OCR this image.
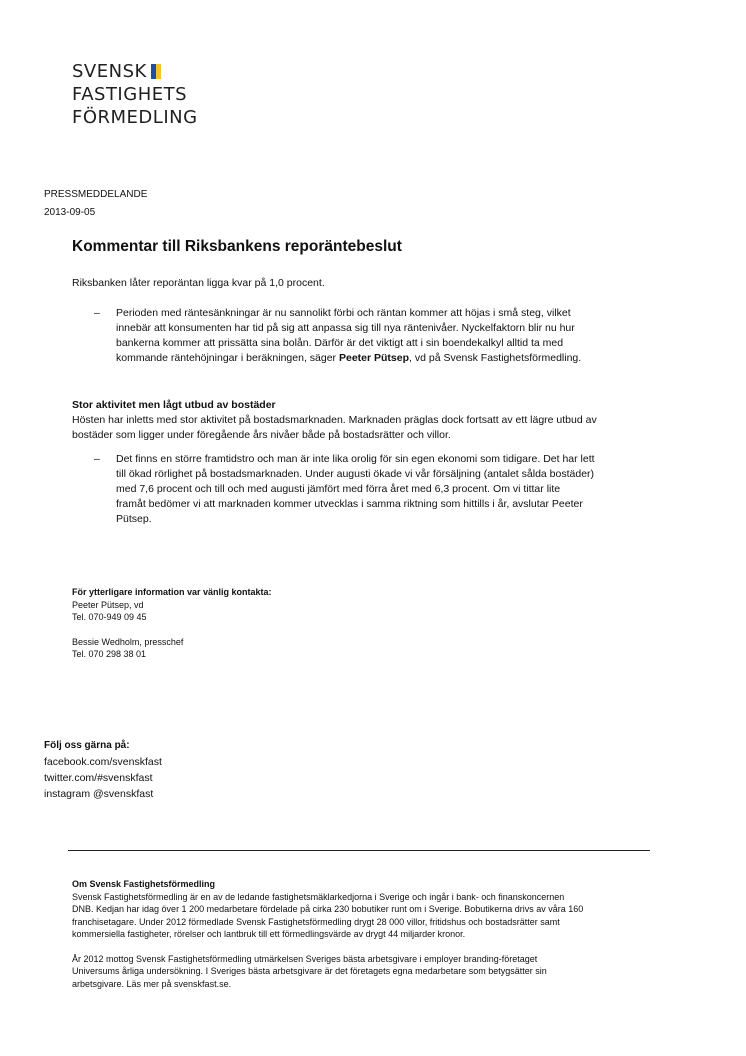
SVENSK
FASTIGHETS
FÖRMEDLING
PRESSMEDDELANDE
2013-09-05
Kommentar till Riksbankens reporäntebeslut
Riksbanken låter reporäntan ligga kvar på 1,0 procent.
– Perioden med räntesänkningar är nu sannolikt förbi och räntan kommer att höjas i små steg, vilket
innebär att konsumenten har tid på sig att anpassa sig till nya räntenivåer. Nyckelfaktorn blir nu hur
bankerna kommer att prissätta sina bolån. Därför är det viktigt att i sin boendekalkyl alltid ta med
kommande räntehöjningar i beräkningen, säger Peeter Pütsep, vd på Svensk Fastighetsförmedling.
Stor aktivitet men lågt utbud av bostäder
Hösten har inletts med stor aktivitet på bostadsmarknaden. Marknaden präglas dock fortsatt av ett lägre utbud av
bostäder som ligger under föregående års nivåer både på bostadsrätter och villor.
– Det finns en större framtidstro och man är inte lika orolig för sin egen ekonomi som tidigare. Det har lett
till ökad rörlighet på bostadsmarknaden. Under augusti ökade vi vår försäljning (antalet sålda bostäder)
med 7,6 procent och till och med augusti jämfört med förra året med 6,3 procent. Om vi tittar lite
framåt bedömer vi att marknaden kommer utvecklas i samma riktning som hittills i år, avslutar Peeter
Pütsep.
För ytterligare information var vänlig kontakta:
Peeter Pütsep, vd
Tel. 070-949 09 45
Bessie Wedholm, presschef
Tel. 070 298 38 01
Följ oss gärna på:
facebook.com/svenskfast
twitter.com/#svenskfast
instagram @svenskfast
Om Svensk Fastighetsförmedling
Svensk Fastighetsförmedling är en av de ledande fastighetsmäklarkedjorna i Sverige och ingår i bank- och finanskoncernen
DNB. Kedjan har idag över 1 200 medarbetare fördelade på cirka 230 bobutiker runt om i Sverige. Bobutikerna drivs av våra 160
franchisetagare. Under 2012 förmedlade Svensk Fastighetsförmedling drygt 28 000 villor, fritidshus och bostadsrätter samt
kommersiella fastigheter, rörelser och lantbruk till ett förmedlingsvärde av drygt 44 miljarder kronor.
År 2012 mottog Svensk Fastighetsförmedling utmärkelsen Sveriges bästa arbetsgivare i employer branding-företaget
Universums årliga undersökning. I Sveriges bästa arbetsgivare är det företagets egna medarbetare som betygsätter sin
arbetsgivare. Läs mer på svenskfast.se.
